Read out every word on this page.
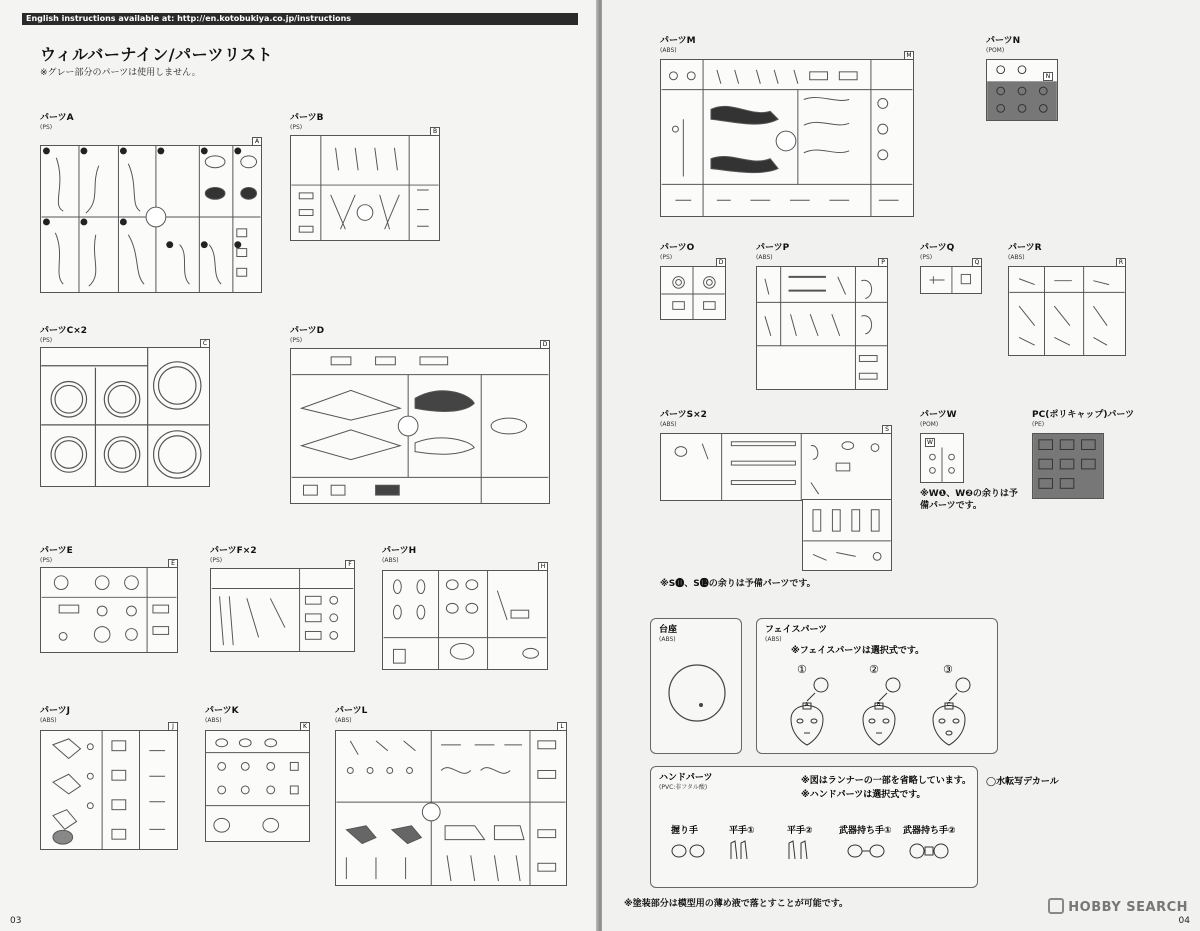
English instructions available at: http://en.kotobukiya.co.jp/instructions
ウィルバーナイン/パーツリスト
※グレー部分のパーツは使用しません。
パーツA
(PS)
A
パーツB
(PS)
B
パーツC×2
(PS)	C
パーツD
(PS)
D
パーツE
(PS)	E
パーツF×2
(PS)
F
パーツH
(ABS)
H
パーツJ
(ABS)
J
パーツK
(ABS)
K
パーツL
(ABS)
L
03
パーツM
(ABS)
M
パーツN
(POM)
N
パーツO
(PS)
D
パーツP
(ABS)
P
パーツQ
(PS)
Q
パーツR
(ABS)
R
パーツS×2
(ABS)
S
パーツW
(POM)
W
※W❶、W❷の余りは予備パーツです。
PC(ポリキャップ)パーツ
(PE)
※S⓫、S⓬の余りは予備パーツです。
台座
(ABS)
フェイスパーツ
(ABS)
※フェイスパーツは選択式です。
①	②	③
A	B	C
ハンドパーツ
(PVC:非フタル酸)
※図はランナーの一部を省略しています。
※ハンドパーツは選択式です。
握り手	平手①	平手②	武器持ち手① 武器持ち手②
◯水転写デカール
※塗装部分は模型用の薄め液で落とすことが可能です。
04
HOBBY SEARCH
